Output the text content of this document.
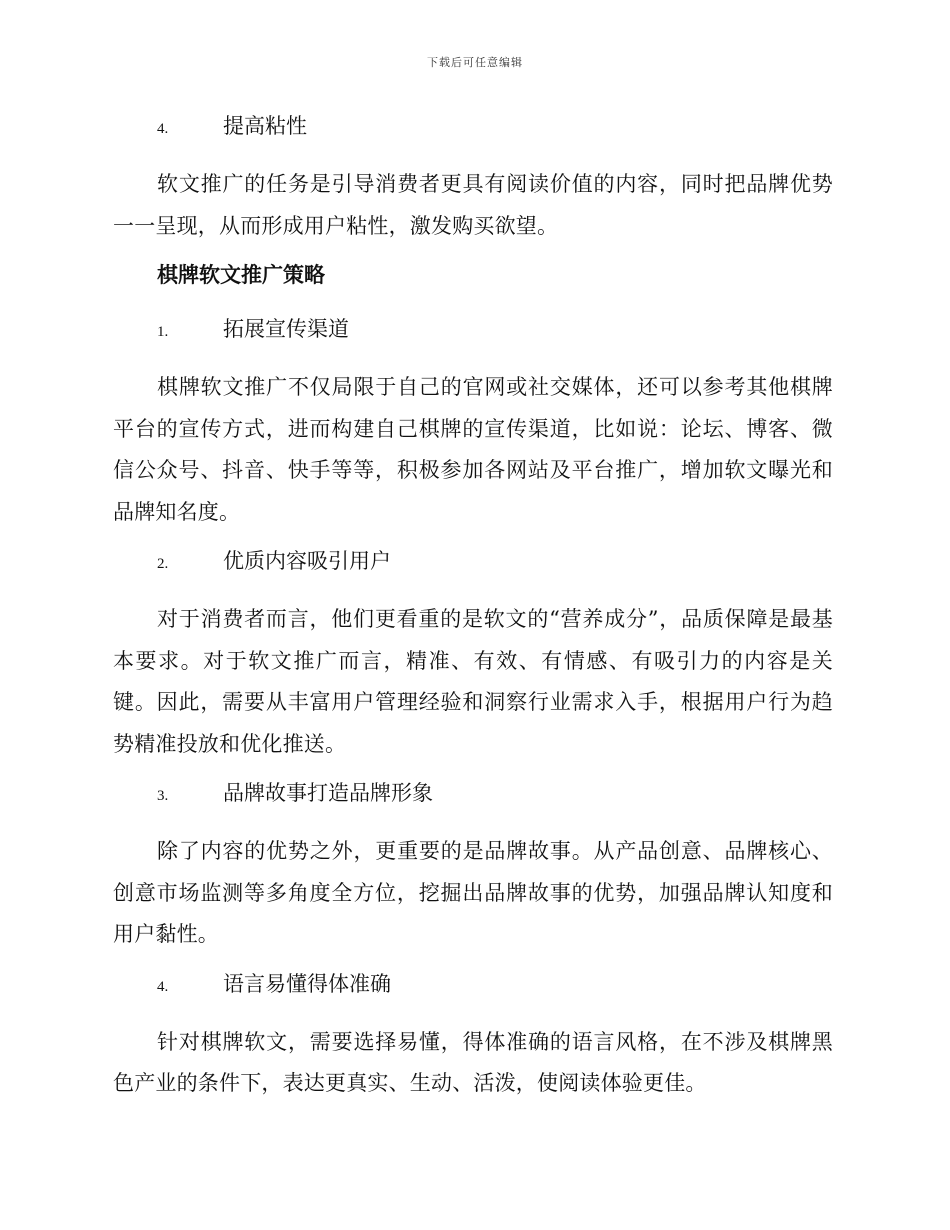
下载后可任意编辑
4.	提高粘性

软文推广的任务是引导消费者更具有阅读价值的内容，同时把品牌优势一一呈现，从而形成用户粘性，激发购买欲望。

棋牌软文推广策略
1.	拓展宣传渠道

棋牌软文推广不仅局限于自己的官网或社交媒体，还可以参考其他棋牌平台的宣传方式，进而构建自己棋牌的宣传渠道，比如说：论坛、博客、微信公众号、抖音、快手等等，积极参加各网站及平台推广，增加软文曝光和品牌知名度。

2.	优质内容吸引用户

对于消费者而言，他们更看重的是软文的“营养成分”，品质保障是最基本要求。对于软文推广而言，精准、有效、有情感、有吸引力的内容是关键。因此，需要从丰富用户管理经验和洞察行业需求入手，根据用户行为趋势精准投放和优化推送。

3.	品牌故事打造品牌形象

除了内容的优势之外，更重要的是品牌故事。从产品创意、品牌核心、创意市场监测等多角度全方位，挖掘出品牌故事的优势，加强品牌认知度和用户黏性。

4.	语言易懂得体准确

针对棋牌软文，需要选择易懂，得体准确的语言风格，在不涉及棋牌黑色产业的条件下，表达更真实、生动、活泼，使阅读体验更佳。
